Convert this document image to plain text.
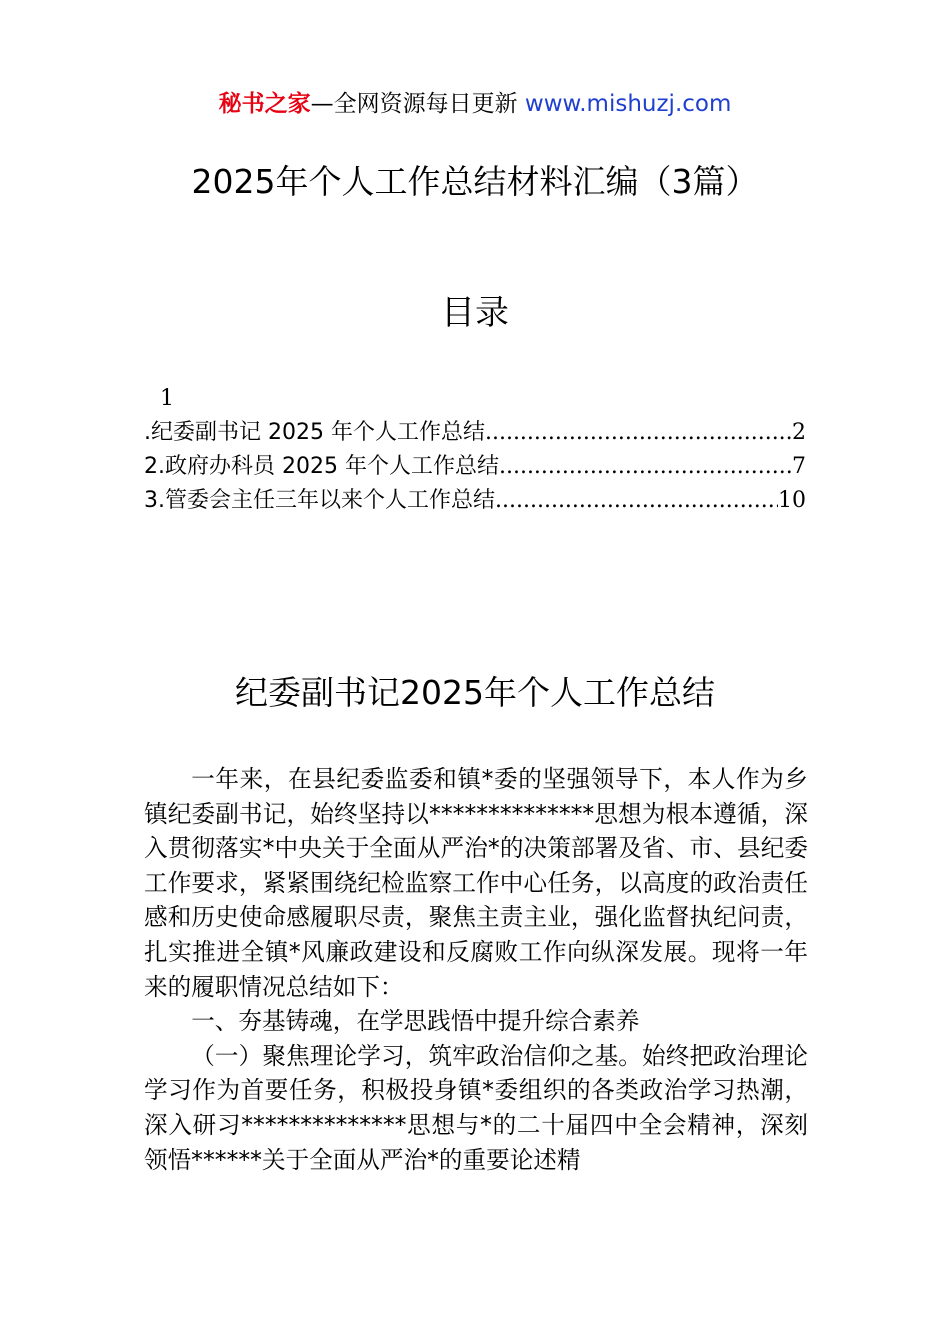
秘书之家—全网资源每日更新 www.mishuzj.com
2025年个人工作总结材料汇编（3篇）
目录
1
.纪委副书记 2025 年个人工作总结 .....	2
2.政府办科员 2025 年个人工作总结 .....	7
3.管委会主任三年以来个人工作总结 .....	10
纪委副书记2025年个人工作总结

一年来，在县纪委监委和镇*委的坚强领导下，本人作为乡镇纪委副书记，始终坚持以**************思想为根本遵循，深入贯彻落实*中央关于全面从严治*的决策部署及省、市、县纪委工作要求，紧紧围绕纪检监察工作中心任务，以高度的政治责任感和历史使命感履职尽责，聚焦主责主业，强化监督执纪问责，扎实推进全镇*风廉政建设和反腐败工作向纵深发展。现将一年来的履职情况总结如下：

一、夯基铸魂，在学思践悟中提升综合素养

（一）聚焦理论学习，筑牢政治信仰之基。始终把政治理论学习作为首要任务，积极投身镇*委组织的各类政治学习热潮，深入研习**************思想与*的二十届四中全会精神，深刻领悟******关于全面从严治*的重要论述精
